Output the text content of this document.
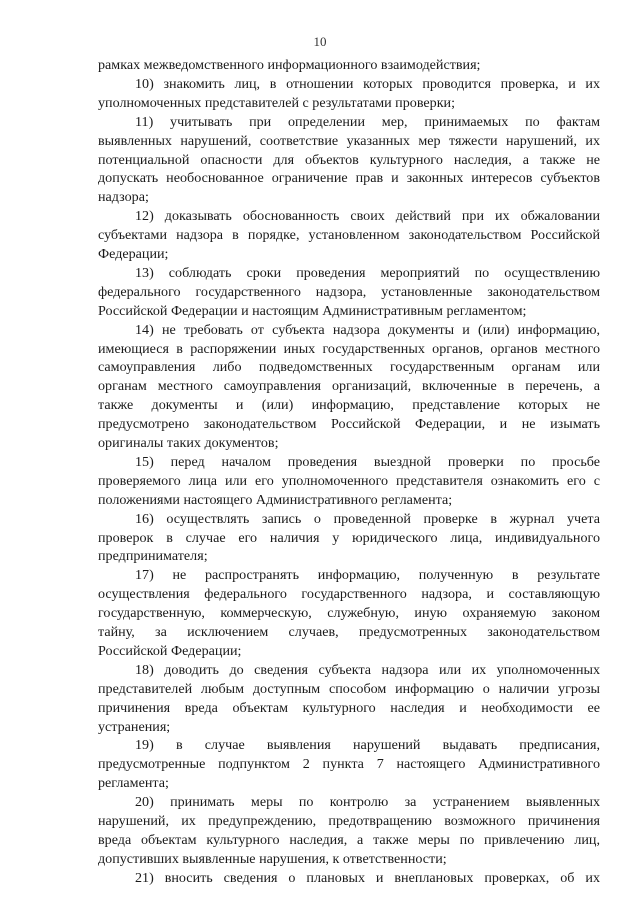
10
рамках межведомственного информационного взаимодействия;
10) знакомить лиц, в отношении которых проводится проверка, и их
уполномоченных представителей с результатами проверки;
11) учитывать при определении мер, принимаемых по фактам
выявленных нарушений, соответствие указанных мер тяжести нарушений, их
потенциальной опасности для объектов культурного наследия, а также не
допускать необоснованное ограничение прав и законных интересов субъектов
надзора;
12) доказывать обоснованность своих действий при их обжаловании
субъектами надзора в порядке, установленном законодательством Российской
Федерации;
13) соблюдать сроки проведения мероприятий по осуществлению
федерального государственного надзора, установленные законодательством
Российской Федерации и настоящим Административным регламентом;
14) не требовать от субъекта надзора документы и (или) информацию,
имеющиеся в распоряжении иных государственных органов, органов местного
самоуправления либо подведомственных государственным органам или
органам местного самоуправления организаций, включенные в перечень, а
также документы и (или) информацию, представление которых не
предусмотрено законодательством Российской Федерации, и не изымать
оригиналы таких документов;
15) перед началом проведения выездной проверки по просьбе
проверяемого лица или его уполномоченного представителя ознакомить его с
положениями настоящего Административного регламента;
16) осуществлять запись о проведенной проверке в журнал учета
проверок в случае его наличия у юридического лица, индивидуального
предпринимателя;
17) не распространять информацию, полученную в результате
осуществления федерального государственного надзора, и составляющую
государственную, коммерческую, служебную, иную охраняемую законом
тайну, за исключением случаев, предусмотренных законодательством
Российской Федерации;
18) доводить до сведения субъекта надзора или их уполномоченных
представителей любым доступным способом информацию о наличии угрозы
причинения вреда объектам культурного наследия и необходимости ее
устранения;
19) в случае выявления нарушений выдавать предписания,
предусмотренные подпунктом 2 пункта 7 настоящего Административного
регламента;
20) принимать меры по контролю за устранением выявленных
нарушений, их предупреждению, предотвращению возможного причинения
вреда объектам культурного наследия, а также меры по привлечению лиц,
допустивших выявленные нарушения, к ответственности;
21) вносить сведения о плановых и внеплановых проверках, об их
